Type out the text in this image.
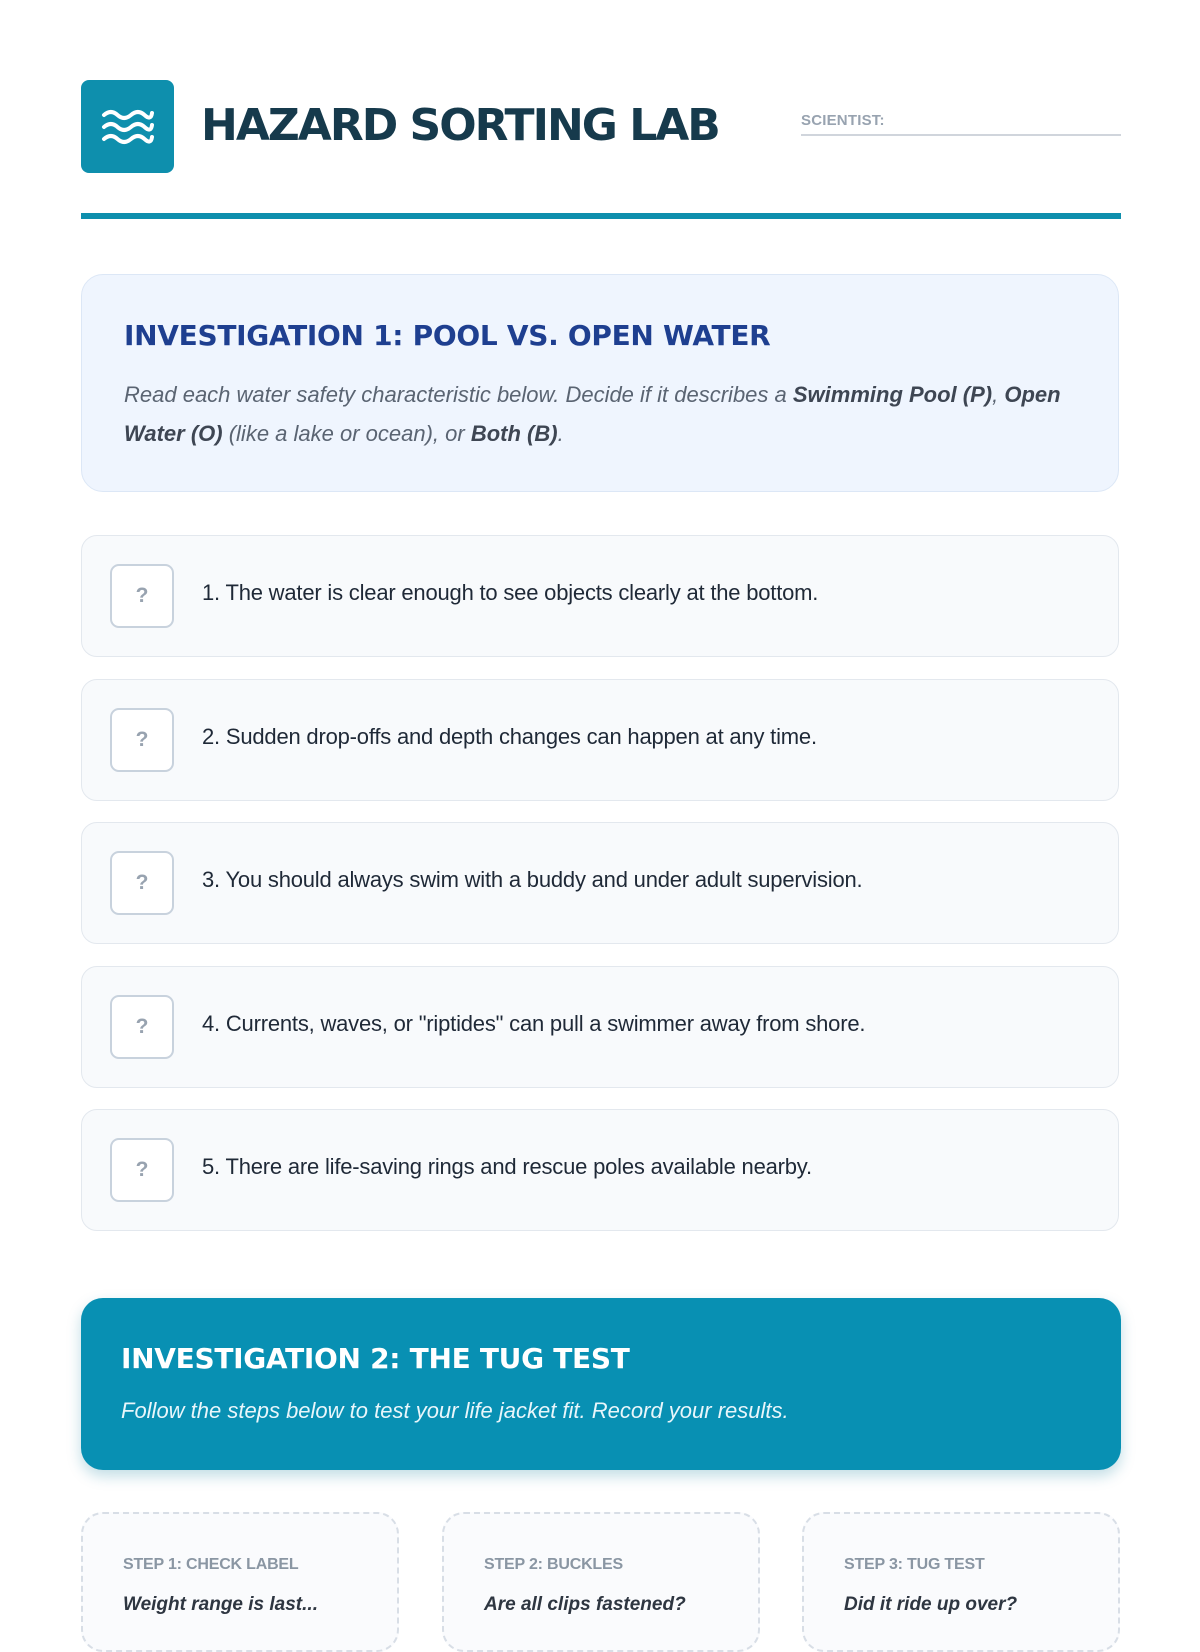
HAZARD SORTING LAB	SCIENTIST:
INVESTIGATION 1: POOL VS. OPEN WATER
Read each water safety characteristic below. Decide if it describes a Swimming Pool (P), Open Water (O) (like a lake or ocean), or Both (B).
?	1. The water is clear enough to see objects clearly at the bottom.
?	2. Sudden drop-offs and depth changes can happen at any time.
?	3. You should always swim with a buddy and under adult supervision.
?	4. Currents, waves, or "riptides" can pull a swimmer away from shore.
?	5. There are life-saving rings and rescue poles available nearby.
INVESTIGATION 2: THE TUG TEST
Follow the steps below to test your life jacket fit. Record your results.
STEP 1: CHECK LABEL
Weight range is last...
STEP 2: BUCKLES
Are all clips fastened?
STEP 3: TUG TEST
Did it ride up over?
